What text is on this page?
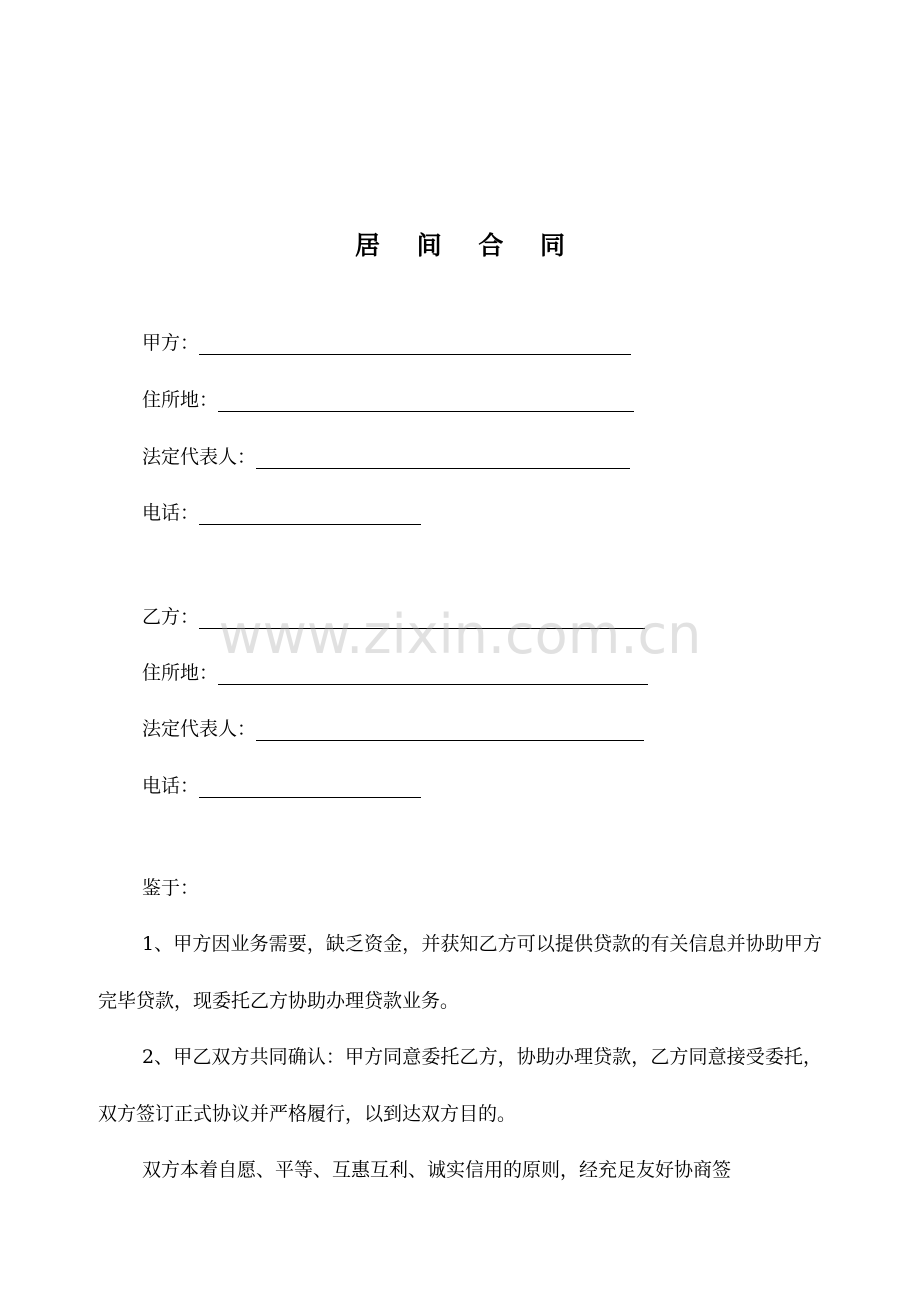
居 间 合 同
甲方：
住所地：
法定代表人：
电话：
乙方：
住所地：
法定代表人：
电话：
鉴于：

1、甲方因业务需要，缺乏资金，并获知乙方可以提供贷款的有关信息并协助甲方完毕贷款，现委托乙方协助办理贷款业务。

2、甲乙双方共同确认：甲方同意委托乙方，协助办理贷款，乙方同意接受委托，双方签订正式协议并严格履行，以到达双方目的。

双方本着自愿、平等、互惠互利、诚实信用的原则，经充足友好协商签

www.zixin.com.cn
